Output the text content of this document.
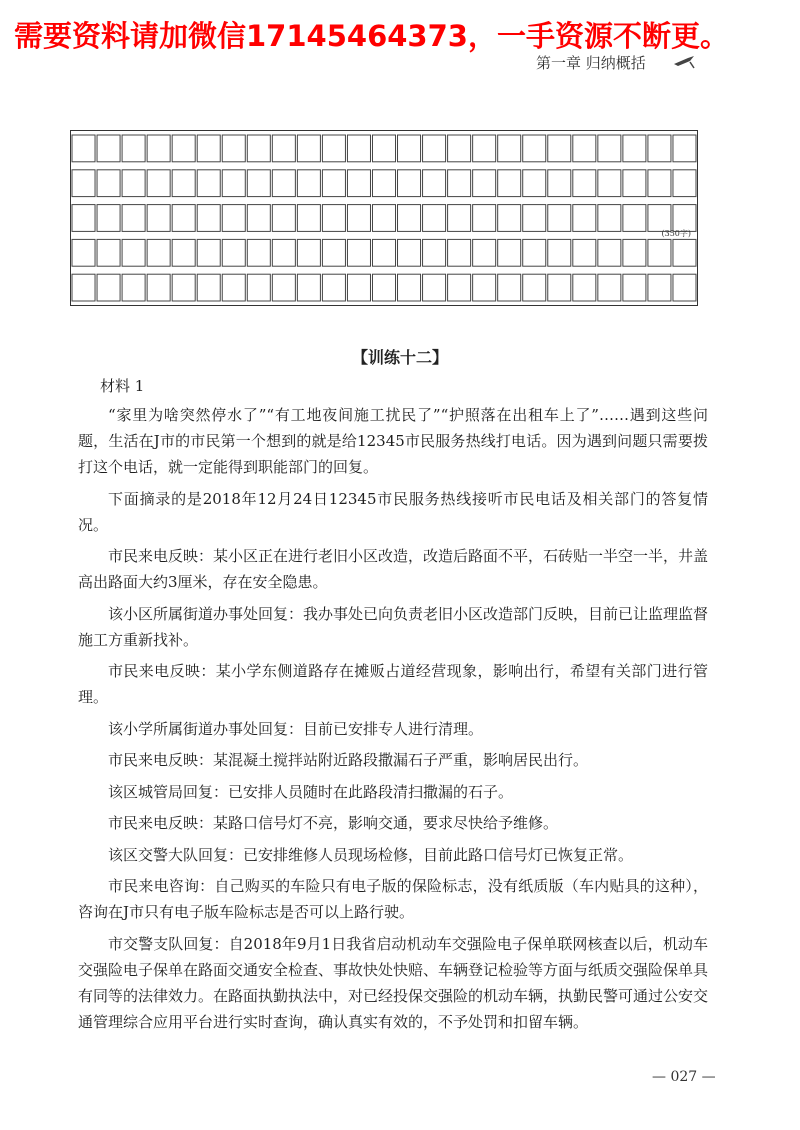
需要资料请加微信17145464373，一手资源不断更。
第一章 归纳概括
(350字)
【训练十二】
材料 1

“家里为啥突然停水了”“有工地夜间施工扰民了”“护照落在出租车上了”……遇到这些问题，生活在J市的市民第一个想到的就是给12345市民服务热线打电话。因为遇到问题只需要拨打这个电话，就一定能得到职能部门的回复。

下面摘录的是2018年12月24日12345市民服务热线接听市民电话及相关部门的答复情况。

市民来电反映：某小区正在进行老旧小区改造，改造后路面不平，石砖贴一半空一半，井盖高出路面大约3厘米，存在安全隐患。

该小区所属街道办事处回复：我办事处已向负责老旧小区改造部门反映，目前已让监理监督施工方重新找补。

市民来电反映：某小学东侧道路存在摊贩占道经营现象，影响出行，希望有关部门进行管理。

该小学所属街道办事处回复：目前已安排专人进行清理。

市民来电反映：某混凝土搅拌站附近路段撒漏石子严重，影响居民出行。

该区城管局回复：已安排人员随时在此路段清扫撒漏的石子。

市民来电反映：某路口信号灯不亮，影响交通，要求尽快给予维修。

该区交警大队回复：已安排维修人员现场检修，目前此路口信号灯已恢复正常。

市民来电咨询：自己购买的车险只有电子版的保险标志，没有纸质版（车内贴具的这种），咨询在J市只有电子版车险标志是否可以上路行驶。

市交警支队回复：自2018年9月1日我省启动机动车交强险电子保单联网核查以后，机动车交强险电子保单在路面交通安全检查、事故快处快赔、车辆登记检验等方面与纸质交强险保单具有同等的法律效力。在路面执勤执法中，对已经投保交强险的机动车辆，执勤民警可通过公安交通管理综合应用平台进行实时查询，确认真实有效的，不予处罚和扣留车辆。

— 027 —
